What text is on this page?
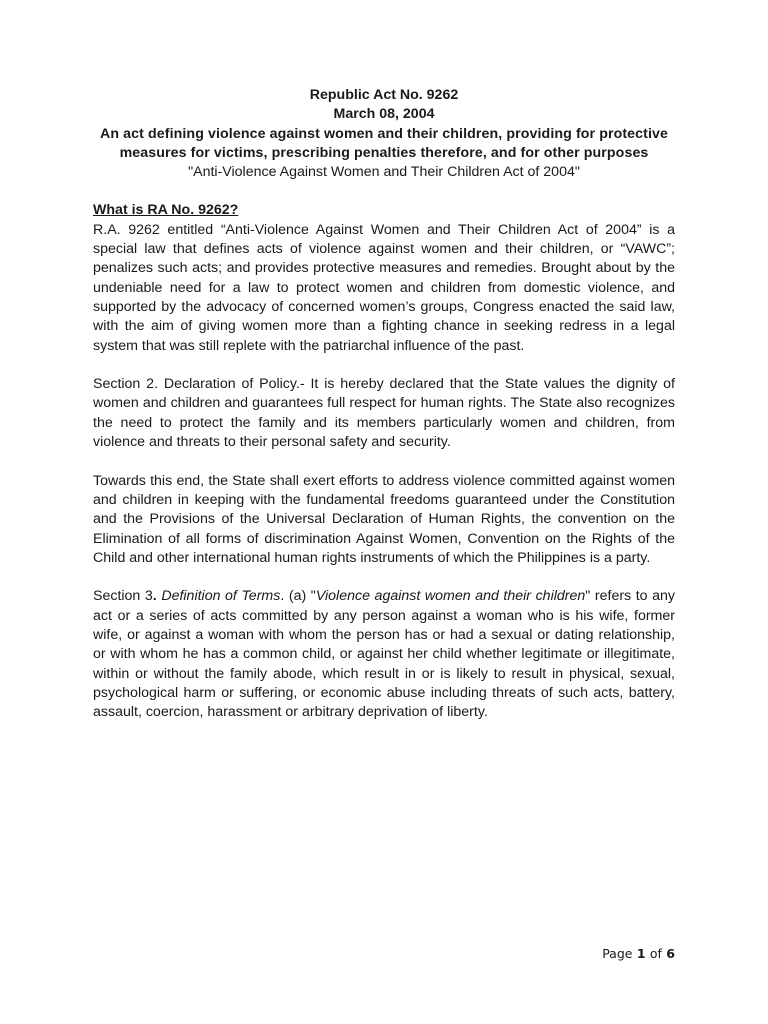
Republic Act No. 9262
March 08, 2004
An act defining violence against women and their children, providing for protective measures for victims, prescribing penalties therefore, and for other purposes
"Anti-Violence Against Women and Their Children Act of 2004"
What is RA No. 9262?

R.A. 9262 entitled “Anti-Violence Against Women and Their Children Act of 2004” is a special law that defines acts of violence against women and their children, or “VAWC”; penalizes such acts; and provides protective measures and remedies. Brought about by the undeniable need for a law to protect women and children from domestic violence, and supported by the advocacy of concerned women’s groups, Congress enacted the said law, with the aim of giving women more than a fighting chance in seeking redress in a legal system that was still replete with the patriarchal influence of the past.

Section 2. Declaration of Policy.- It is hereby declared that the State values the dignity of women and children and guarantees full respect for human rights. The State also recognizes the need to protect the family and its members particularly women and children, from violence and threats to their personal safety and security.

Towards this end, the State shall exert efforts to address violence committed against women and children in keeping with the fundamental freedoms guaranteed under the Constitution and the Provisions of the Universal Declaration of Human Rights, the convention on the Elimination of all forms of discrimination Against Women, Convention on the Rights of the Child and other international human rights instruments of which the Philippines is a party.

Section 3. Definition of Terms. (a) "Violence against women and their children" refers to any act or a series of acts committed by any person against a woman who is his wife, former wife, or against a woman with whom the person has or had a sexual or dating relationship, or with whom he has a common child, or against her child whether legitimate or illegitimate, within or without the family abode, which result in or is likely to result in physical, sexual, psychological harm or suffering, or economic abuse including threats of such acts, battery, assault, coercion, harassment or arbitrary deprivation of liberty.

Page 1 of 6
